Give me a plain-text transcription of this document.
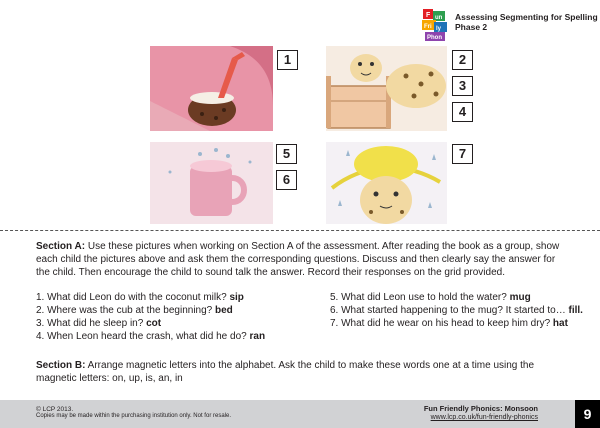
F un
Fri ly
Phon
Assessing Segmenting for Spelling
Phase 2
1	2
3
4
5
6
7

Section A: Use these pictures when working on Section A of the assessment. After reading the book as a group, show each child the pictures above and ask them the corresponding questions. Discuss and then clearly say the answer for the child. Then encourage the child to sound talk the answer. Record their responses on the grid provided.

1. What did Leon do with the coconut milk? sip
2. Where was the cub at the beginning? bed
3. What did he sleep in? cot
4. When Leon heard the crash, what did he do? ran
5. What did Leon use to hold the water? mug
6. What started happening to the mug? It started to… fill.
7. What did he wear on his head to keep him dry? hat

Section B: Arrange magnetic letters into the alphabet. Ask the child to make these words one at a time using the magnetic letters: on, up, is, an, in

© LCP 2013.
Copies may be made within the purchasing institution only. Not for resale.
Fun Friendly Phonics: Monsoon
www.lcp.co.uk/fun-friendly-phonics	9
